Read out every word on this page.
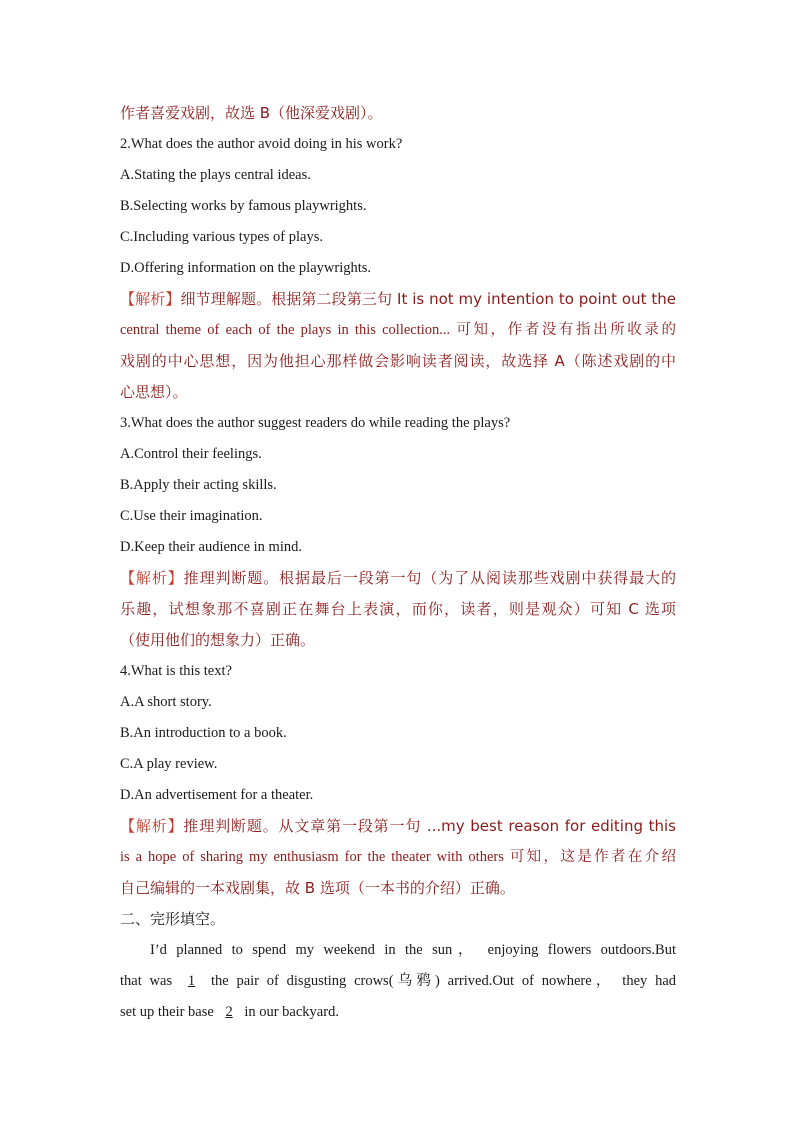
作者喜爱戏剧，故选 B（他深爱戏剧）。
2.What does the author avoid doing in his work?
A.Stating the plays central ideas.
B.Selecting works by famous playwrights.
C.Including various types of plays.
D.Offering information on the playwrights.
【解析】细节理解题。根据第二段第三句 It is not my intention to point out the
central theme of each of the plays in this collection... 可知，作者没有指出所收录的
戏剧的中心思想，因为他担心那样做会影响读者阅读，故选择 A（陈述戏剧的中
心思想）。
3.What does the author suggest readers do while reading the plays?
A.Control their feelings.
B.Apply their acting skills.
C.Use their imagination.
D.Keep their audience in mind.
【解析】推理判断题。根据最后一段第一句（为了从阅读那些戏剧中获得最大的
乐趣，试想象那不喜剧正在舞台上表演，而你，读者，则是观众）可知 C 选项
（使用他们的想象力）正确。
4.What is this text?
A.A short story.
B.An introduction to a book.
C.A play review.
D.An advertisement for a theater.
【解析】推理判断题。从文章第一段第一句 ...my best reason for editing this
is a hope of sharing my enthusiasm for the theater with others 可知，这是作者在介绍
自己编辑的一本戏剧集，故 B 选项（一本书的介绍）正确。
二、完形填空。
I’d planned to spend my weekend in the sun， enjoying flowers outdoors.But
that was 1 the pair of disgusting crows(乌鸦) arrived.Out of nowhere， they had
set up their base 2 in our backyard.
